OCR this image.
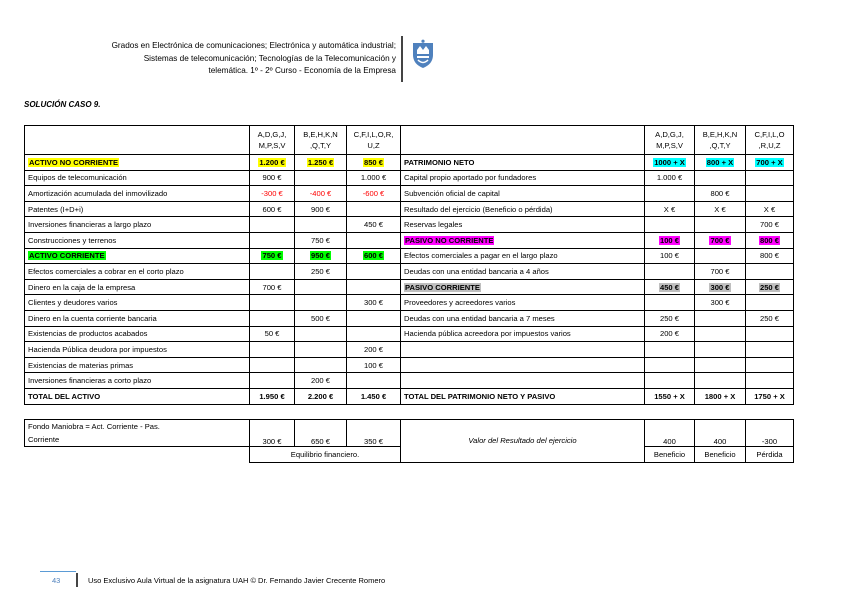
Grados en Electrónica de comunicaciones; Electrónica y automática industrial;
Sistemas de telecomunicación; Tecnologías de la Telecomunicación y
telemática. 1º - 2º Curso - Economía de la Empresa
SOLUCIÓN CASO 9.
	A,D,G,J,
M,P,S,V	B,E,H,K,N
,Q,T,Y	C,F,I,L,O,R,
U,Z		A,D,G,J,
M,P,S,V	B,E,H,K,N
,Q,T,Y	C,F,I,L,O
,R,U,Z
ACTIVO NO CORRIENTE	1.200 €	1.250 €	850 €	PATRIMONIO NETO	1000 + X	800 + X	700 + X
Equipos de telecomunicación	900 €		1.000 €	Capital propio aportado por fundadores	1.000 €		
Amortización acumulada del inmovilizado	-300 €	-400 €	-600 €	Subvención oficial de capital		800 €	
Patentes (I+D+i)	600 €	900 €		Resultado del ejercicio (Beneficio o pérdida)	X €	X €	X €
Inversiones financieras a largo plazo			450 €	Reservas legales			700 €
Construcciones y terrenos		750 €		PASIVO NO CORRIENTE	100 €	700 €	800 €
ACTIVO CORRIENTE	750 €	950 €	600 €	Efectos comerciales a pagar en el largo plazo	100 €		800 €
Efectos comerciales a cobrar en el corto plazo		250 €		Deudas con una entidad bancaria a 4 años		700 €	
Dinero en la caja de la empresa	700 €			PASIVO CORRIENTE	450 €	300 €	250 €
Clientes y deudores varios			300 €	Proveedores y acreedores varios		300 €	
Dinero en la cuenta corriente bancaria		500 €		Deudas con una entidad bancaria a 7 meses	250 €		250 €
Existencias de productos acabados	50 €			Hacienda pública acreedora por impuestos varios	200 €		
Hacienda Pública deudora por impuestos			200 €				
Existencias de materias primas			100 €				
Inversiones financieras a corto plazo		200 €					
TOTAL DEL ACTIVO	1.950 €	2.200 €	1.450 €	TOTAL DEL PATRIMONIO NETO Y PASIVO	1550 + X	1800 + X	1750 + X
Fondo Maniobra = Act. Corriente - Pas.
Corriente	300 €	650 €	350 €	Valor del Resultado del ejercicio	400	400	-300

	Equilibrio financiero.				Beneficio	Beneficio	Pérdida
43	Uso Exclusivo Aula Virtual de la asignatura UAH © Dr. Fernando Javier Crecente Romero
